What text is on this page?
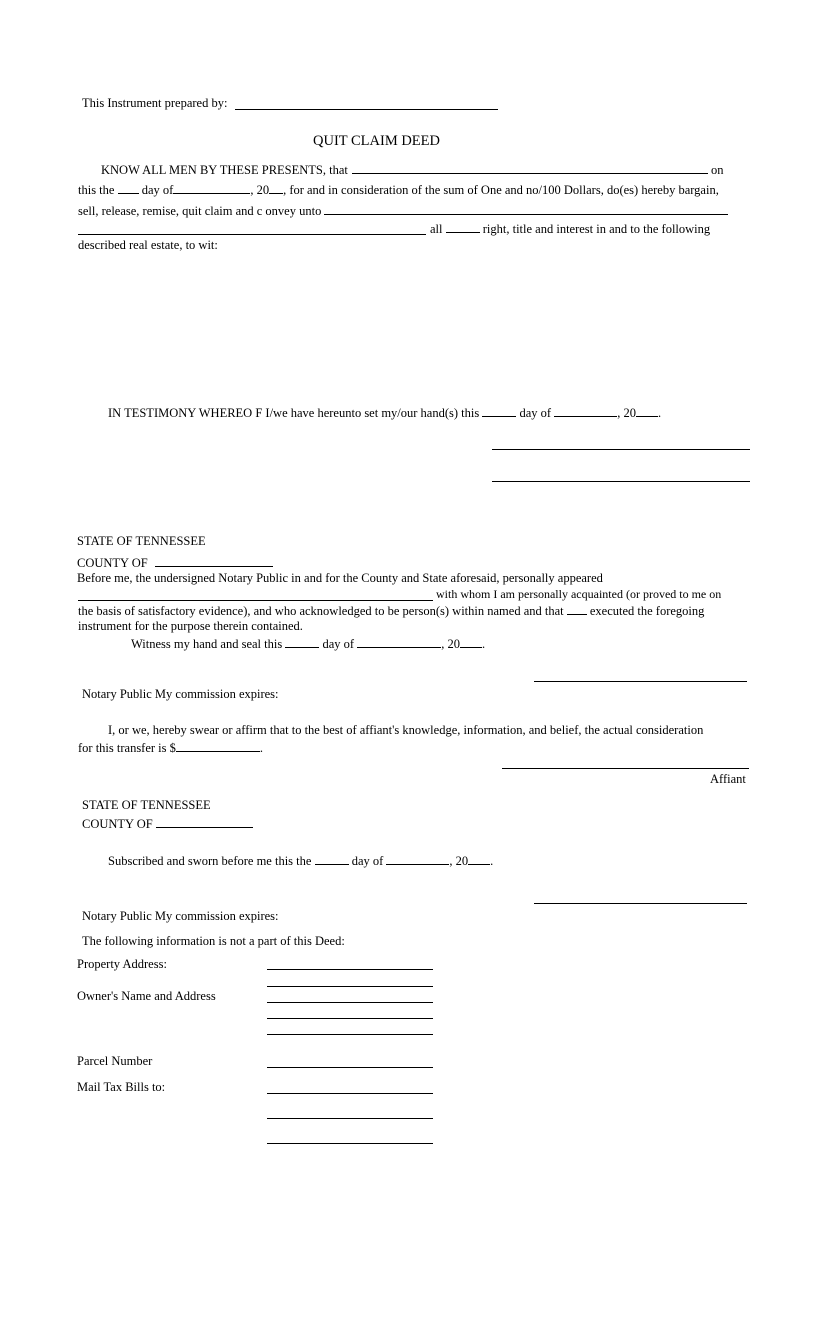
This Instrument prepared by:
QUIT CLAIM DEED
KNOW ALL MEN BY THESE PRESENTS, that	on
this the day of	, 20 , for and in consideration of the sum of One and no/100 Dollars, do(es) hereby bargain,
sell, release, remise, quit claim and c onvey unto
all	right, title and interest in and to the following
described real estate, to wit:
IN TESTIMONY WHEREO F I/we have hereunto set my/our hand(s) this	day of	, 20 .
STATE OF TENNESSEE
COUNTY OF
Before me, the undersigned Notary Public in and for the County and State aforesaid, personally appeared
with whom I am personally acquainted (or proved to me on
the basis of satisfactory evidence), and who acknowledged to be person(s) within named and that executed the foregoing
instrument for the purpose therein contained.
Witness my hand and seal this	day of	, 20 .
Notary Public My commission expires:
I, or we, hereby swear or affirm that to the best of affiant's knowledge, information, and belief, the actual consideration
for this transfer is $	.
Affiant
STATE OF TENNESSEE
COUNTY OF
Subscribed and sworn before me this the	day of	, 20 .
Notary Public My commission expires:
The following information is not a part of this Deed:
Property Address:
Owner's Name and Address
Parcel Number
Mail Tax Bills to:
